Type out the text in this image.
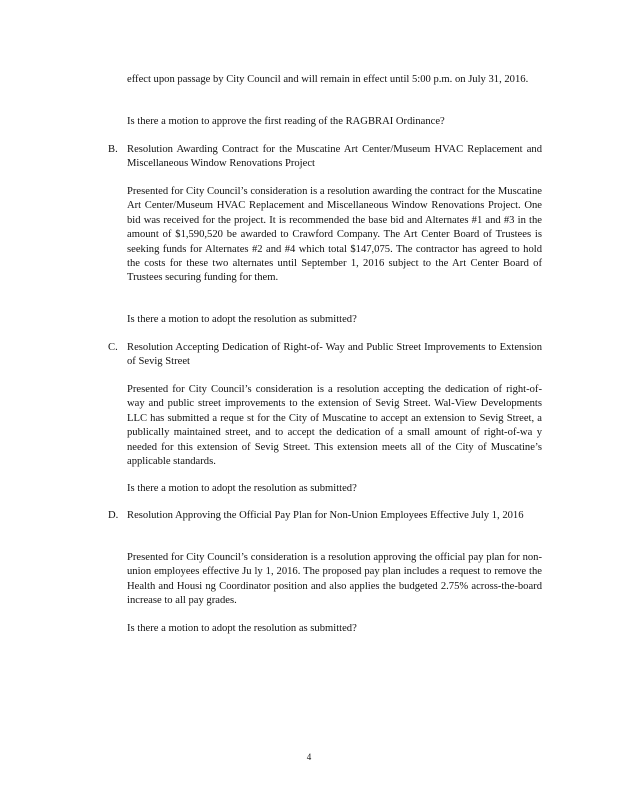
effect upon passage by City Council and will remain in effect until 5:00 p.m. on July 31, 2016.

Is there a motion to approve the first reading of the RAGBRAI Ordinance?

B. Resolution Awarding Contract for the Muscatine Art Center/Museum HVAC Replacement and Miscellaneous Window Renovations Project

Presented for City Council’s consideration is a resolution awarding the contract for the Muscatine Art Center/Museum HVAC Replacement and Miscellaneous Window Renovations Project. One bid was received for the project. It is recommended the base bid and Alternates #1 and #3 in the amount of $1,590,520 be awarded to Crawford Company. The Art Center Board of Trustees is seeking funds for Alternates #2 and #4 which total $147,075. The contractor has agreed to hold the costs for these two alternates until September 1, 2016 subject to the Art Center Board of Trustees securing funding for them.

Is there a motion to adopt the resolution as submitted?

C. Resolution Accepting Dedication of Right-of- Way and Public Street Improvements to Extension of Sevig Street

Presented for City Council’s consideration is a resolution accepting the dedication of right-of-way and public street improvements to the extension of Sevig Street. Wal-View Developments LLC has submitted a reque st for the City of Muscatine to accept an extension to Sevig Street, a publically maintained street, and to accept the dedication of a small amount of right-of-wa y needed for this extension of Sevig Street. This extension meets all of the City of Muscatine’s applicable standards.

Is there a motion to adopt the resolution as submitted?

D. Resolution Approving the Official Pay Plan for Non-Union Employees Effective July 1, 2016

Presented for City Council’s consideration is a resolution approving the official pay plan for non-union employees effective Ju ly 1, 2016. The proposed pay plan includes a request to remove the Health and Housi ng Coordinator position and also applies the budgeted 2.75% across-the-board increase to all pay grades.

Is there a motion to adopt the resolution as submitted?

4
